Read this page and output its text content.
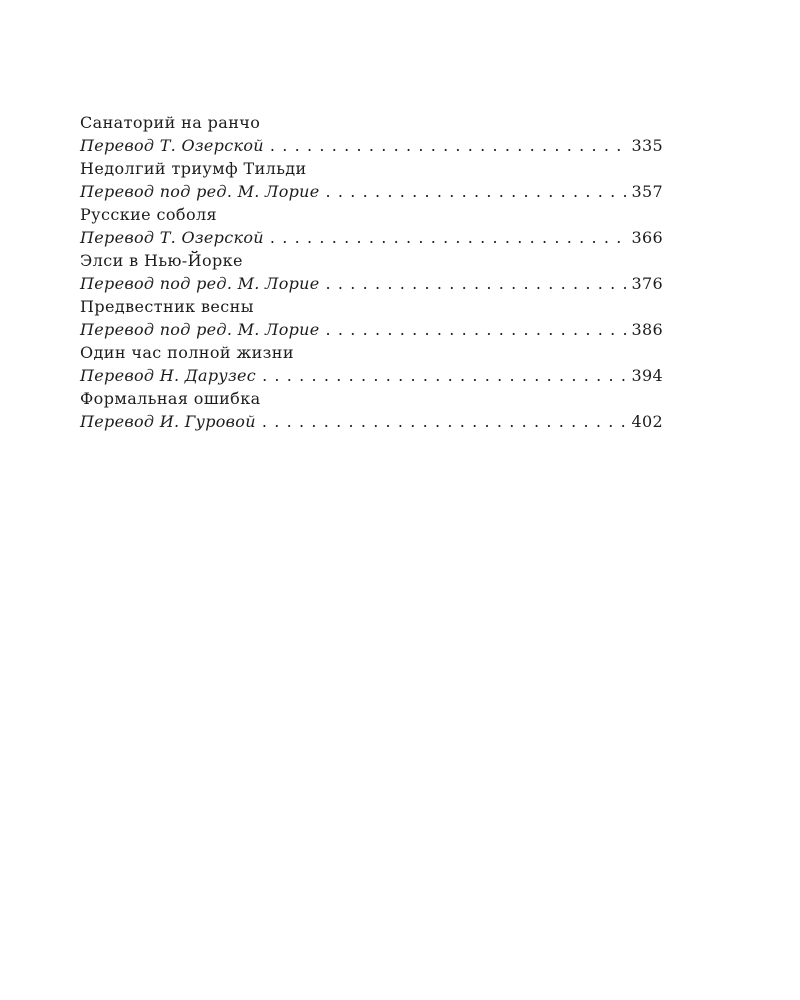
Санаторий на ранчо
Перевод Т. Озерской . . .	335
Недолгий триумф Тильди
Перевод под ред. М. Лорие . . .	357
Русские соболя
Перевод Т. Озерской . . .	366
Элси в Нью-Йорке
Перевод под ред. М. Лорие . . .	376
Предвестник весны
Перевод под ред. М. Лорие . . .	386
Один час полной жизни
Перевод Н. Дарузес . . .	394
Формальная ошибка
Перевод И. Гуровой . . .	402
